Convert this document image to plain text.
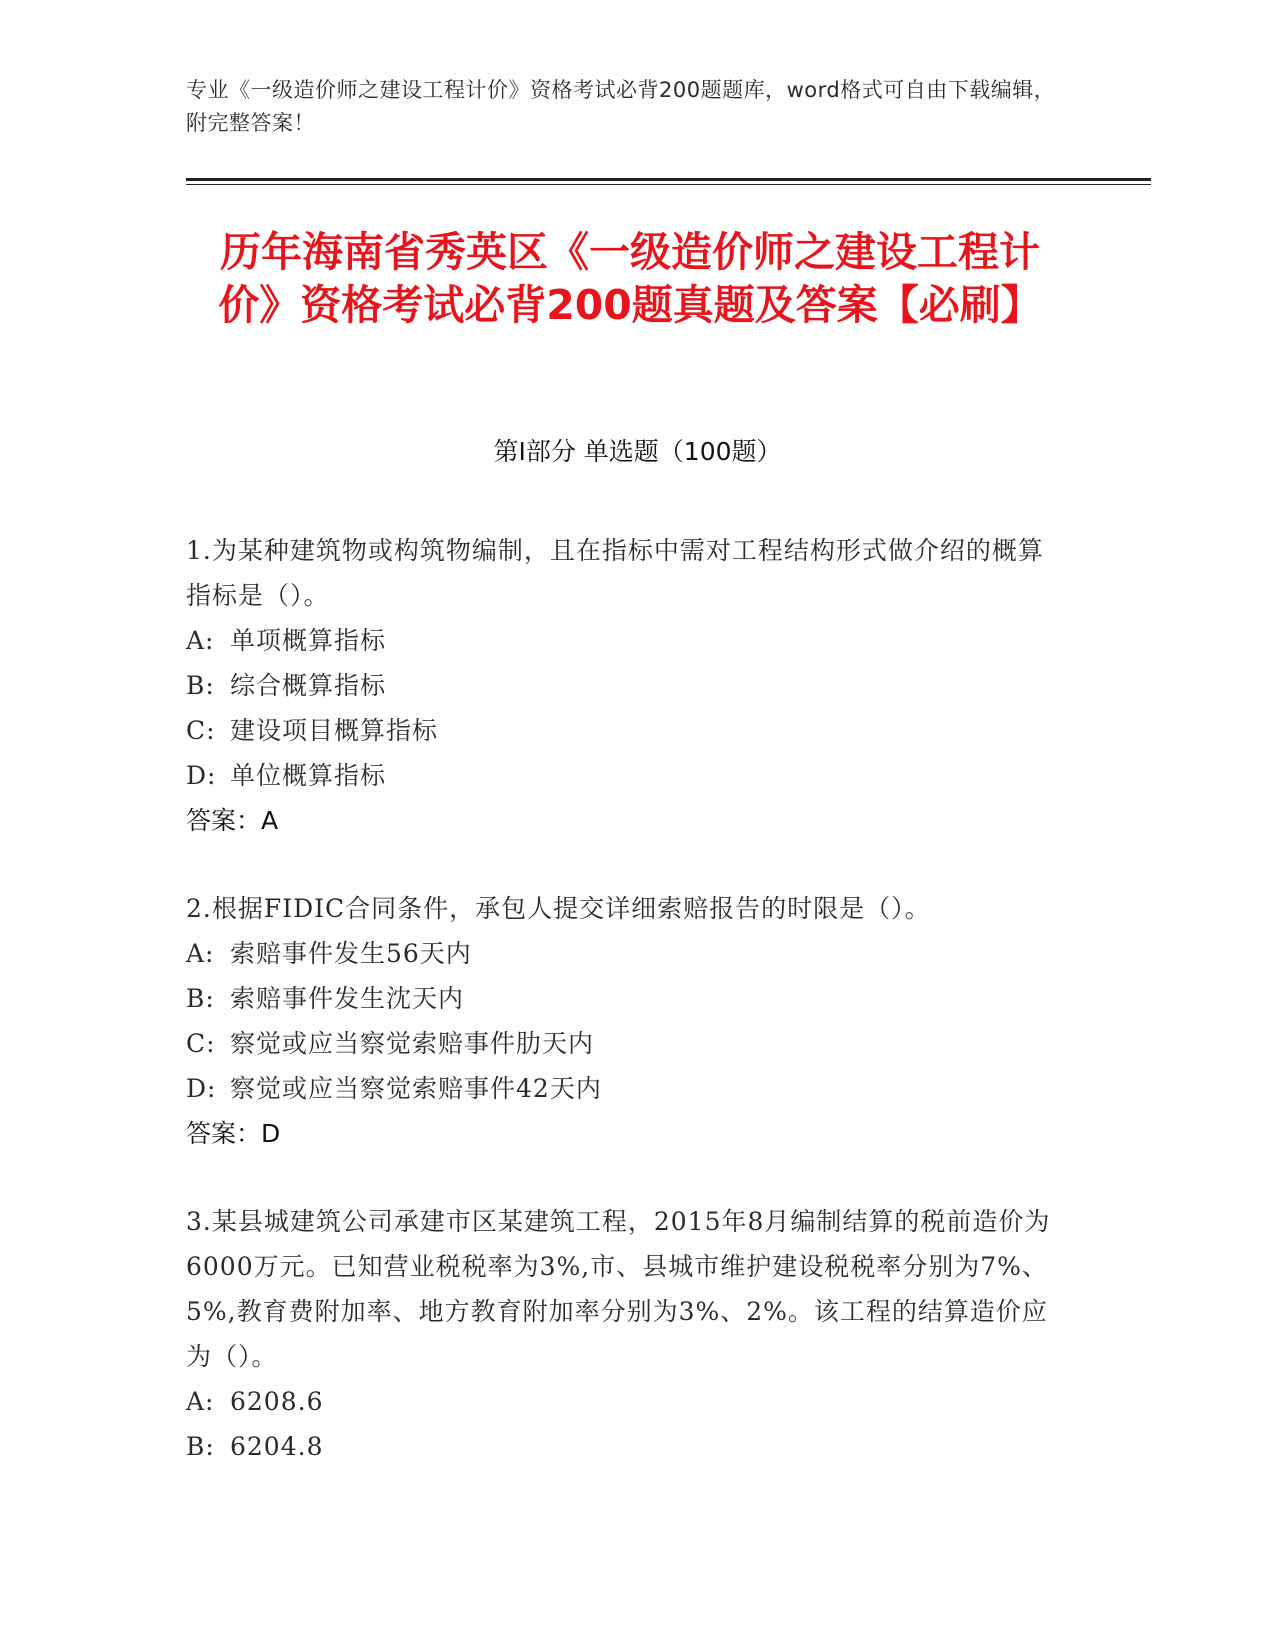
专业《一级造价师之建设工程计价》资格考试必背200题题库，word格式可自由下载编辑，附完整答案！
历年海南省秀英区《一级造价师之建设工程计价》资格考试必背200题真题及答案【必刷】
第I部分 单选题（100题）
1.为某种建筑物或构筑物编制，且在指标中需对工程结构形式做介绍的概算指标是（）。
A: 单项概算指标
B: 综合概算指标
C: 建设项目概算指标
D: 单位概算指标
答案：A
2.根据FIDIC合同条件，承包人提交详细索赔报告的时限是（）。
A: 索赔事件发生56天内
B: 索赔事件发生沈天内
C: 察觉或应当察觉索赔事件肋天内
D: 察觉或应当察觉索赔事件42天内
答案：D
3.某县城建筑公司承建市区某建筑工程，2015年8月编制结算的税前造价为6000万元。已知营业税税率为3%,市、县城市维护建设税税率分别为7%、5%,教育费附加率、地方教育附加率分别为3%、2%。该工程的结算造价应为（）。
A: 6208.6
B: 6204.8
